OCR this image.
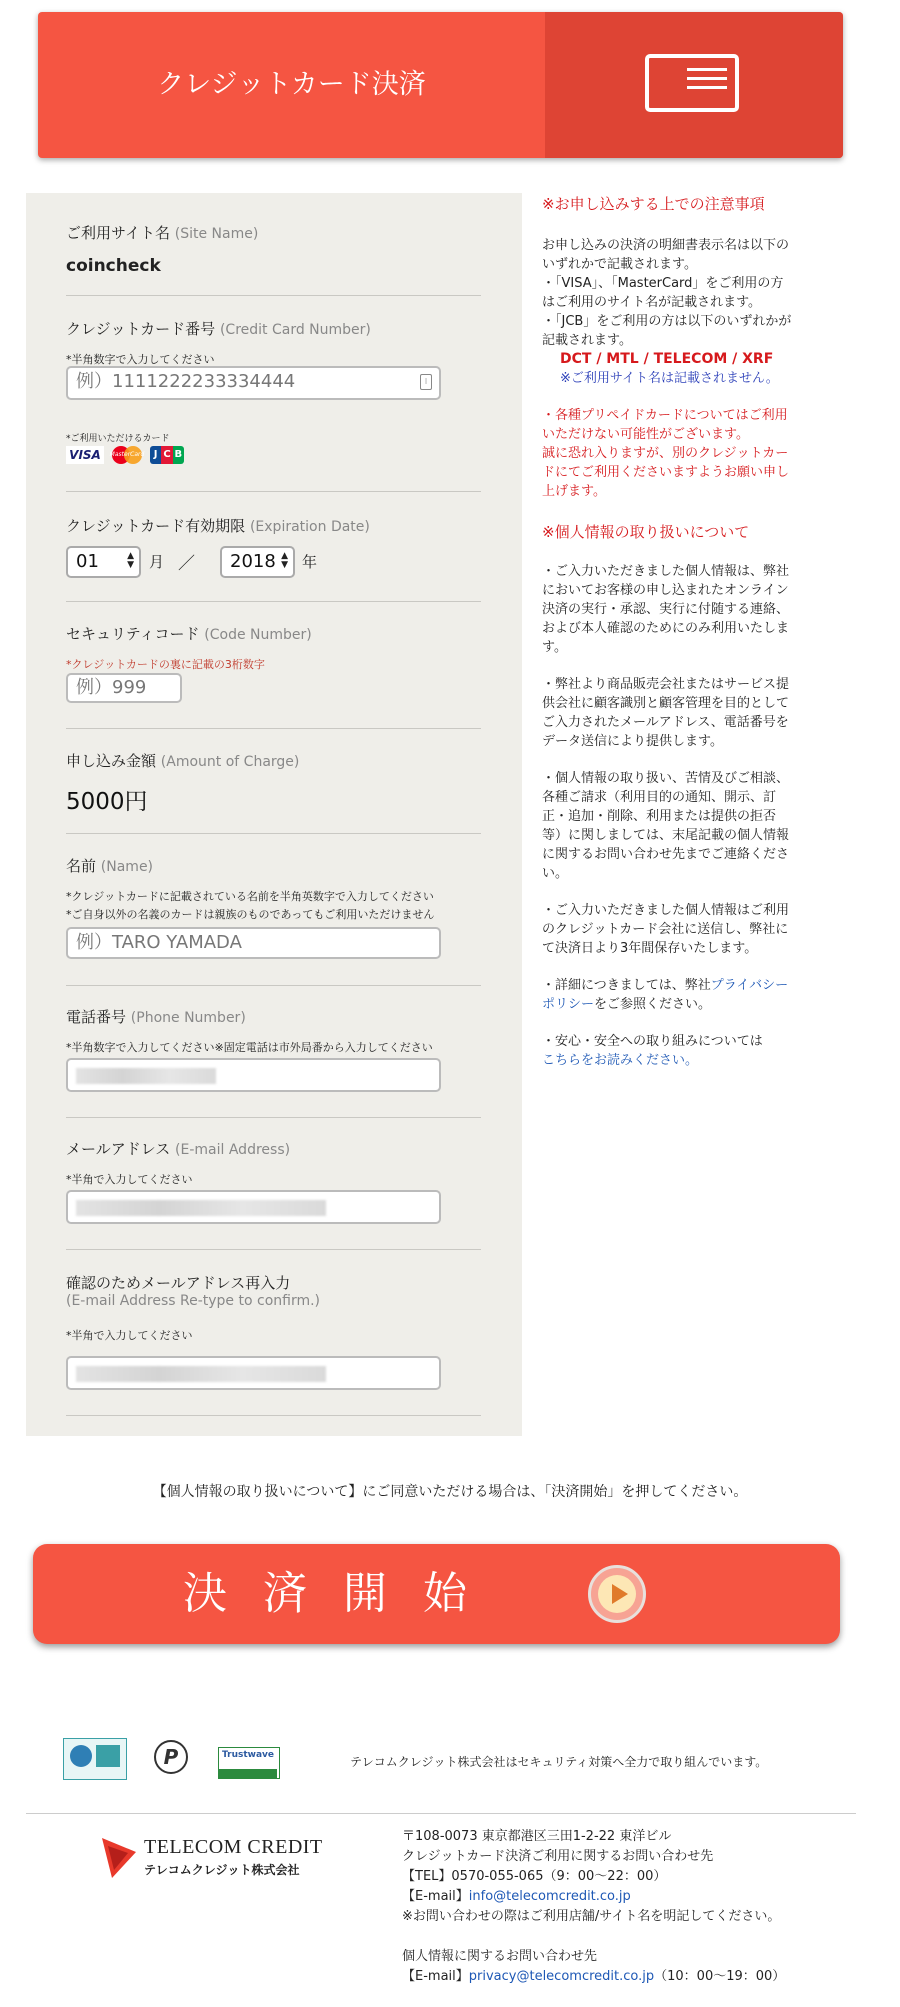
クレジットカード決済
ご利用サイト名 (Site Name)
coincheck
クレジットカード番号 (Credit Card Number)
*半角数字で入力してください
例）1111222233334444	⁝
*ご利用いただけるカード
VISA	MasterCard J C B
クレジットカード有効期限 (Expiration Date)
01	▲
▼ 月 ／	2018 ▲
▼ 年
セキュリティコード (Code Number)
*クレジットカードの裏に記載の3桁数字
例）999
申し込み金額 (Amount of Charge)
5000円
名前 (Name)
*クレジットカードに記載されている名前を半角英数字で入力してください
*ご自身以外の名義のカードは親族のものであってもご利用いただけません
例）TARO YAMADA
電話番号 (Phone Number)
*半角数字で入力してください※固定電話は市外局番から入力してください
メールアドレス (E-mail Address)
*半角で入力してください
確認のためメールアドレス再入力
(E-mail Address Re-type to confirm.)
*半角で入力してください
※お申し込みする上での注意事項
お申し込みの決済の明細書表示名は以下のいずれかで記載されます。
・「VISA」、「MasterCard」をご利用の方はご利用のサイト名が記載されます。
・「JCB」をご利用の方は以下のいずれかが記載されます。
DCT / MTL / TELECOM / XRF
※ご利用サイト名は記載されません。
・各種プリペイドカードについてはご利用いただけない可能性がございます。
誠に恐れ入りますが、別のクレジットカードにてご利用くださいますようお願い申し上げます。
※個人情報の取り扱いについて
・ご入力いただきました個人情報は、弊社においてお客様の申し込まれたオンライン決済の実行・承認、実行に付随する連絡、および本人確認のためにのみ利用いたします。
・弊社より商品販売会社またはサービス提供会社に顧客識別と顧客管理を目的としてご入力されたメールアドレス、電話番号をデータ送信により提供します。
・個人情報の取り扱い、苦情及びご相談、各種ご請求（利用目的の通知、開示、訂正・追加・削除、利用または提供の拒否等）に関しましては、末尾記載の個人情報に関するお問い合わせ先までご連絡ください。
・ご入力いただきました個人情報はご利用のクレジットカード会社に送信し、弊社にて決済日より3年間保存いたします。
・詳細につきましては、弊社プライバシーポリシーをご参照ください。
・安心・安全への取り組みについては
こちらをお読みください。
【個人情報の取り扱いについて】にご同意いただける場合は、「決済開始」を押してください。
決済開始
P	Trustwave	テレコムクレジット株式会社はセキュリティ対策へ全力で取り組んでいます。
TELECOM CREDIT
テレコムクレジット株式会社
〒108-0073 東京都港区三田1-2-22 東洋ビル
クレジットカード決済ご利用に関するお問い合わせ先
【TEL】0570-055-065（9：00～22：00）
【E-mail】info@telecomcredit.co.jp
※お問い合わせの際はご利用店舗/サイト名を明記してください。
個人情報に関するお問い合わせ先
【E-mail】privacy@telecomcredit.co.jp（10：00～19：00）
